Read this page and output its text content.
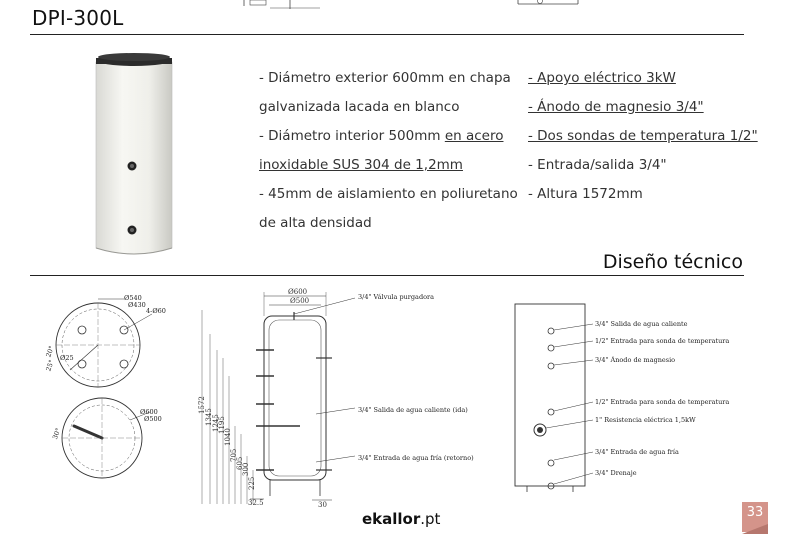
DPI-300L
- Diámetro exterior 600mm en chapa
galvanizada lacada en blanco
- Diámetro interior 500mm en acero
inoxidable SUS 304 de 1,2mm
- 45mm de aislamiento en poliuretano
de alta densidad
- Apoyo eléctrico 3kW
- Ánodo de magnesio 3/4"
- Dos sondas de temperatura 1/2"
- Entrada/salida 3/4"
- Altura 1572mm
Diseño técnico
Ø540
Ø430
4-Ø60
Ø25
25°
20°
Ø600
Ø500
30°
Ø600
Ø500	3/4" Válvula purgadora
3/4" Salida de agua caliente (ida)
3/4" Entrada de agua fría (retorno)
1572
1345 1245
1195
1040
705
605
300
225
32.5	30
3/4" Salida de agua caliente
1/2" Entrada para sonda de temperatura
3/4" Ánodo de magnesio
1/2" Entrada para sonda de temperatura
1" Resistencia eléctrica 1,5kW
3/4" Entrada de agua fría
3/4" Drenaje
ekallor.pt	33
